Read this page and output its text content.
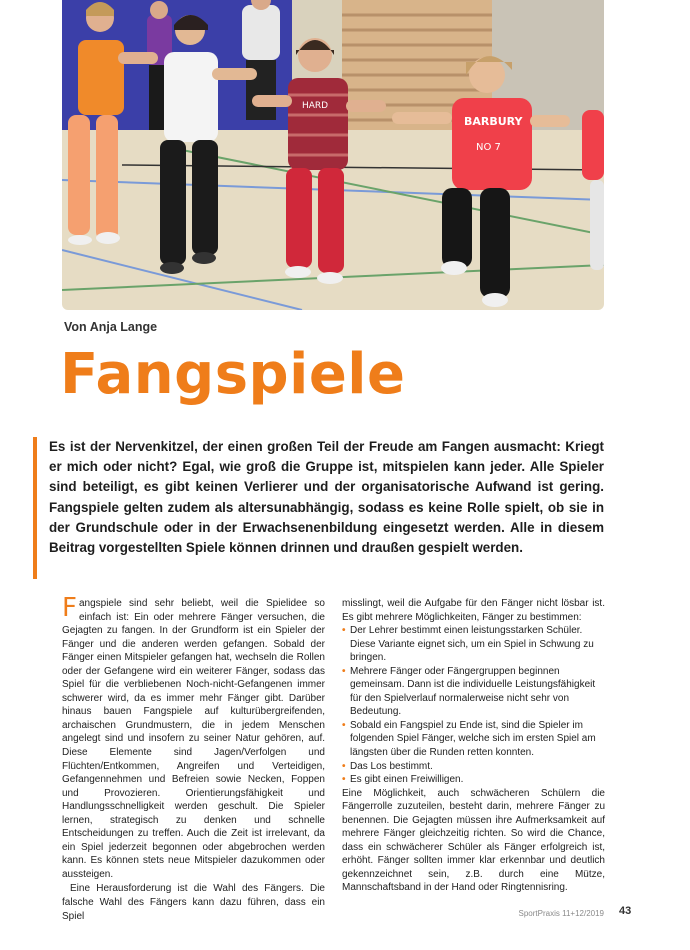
HARD
BARBURY
NO 7
Von Anja Lange
Fangspiele

Es ist der Nervenkitzel, der einen großen Teil der Freude am Fangen ausmacht: Kriegt er mich oder nicht? Egal, wie groß die Gruppe ist, mitspielen kann jeder. Alle Spieler sind beteiligt, es gibt keinen Verlierer und der organisatorische Aufwand ist gering. Fangspiele gelten zudem als altersunabhängig, sodass es keine Rolle spielt, ob sie in der Grundschule oder in der Erwachsenenbildung eingesetzt werden. Alle in diesem Beitrag vorgestellten Spiele können drinnen und draußen gespielt werden.

Fangspiele sind sehr beliebt, weil die Spielidee so einfach ist: Ein oder mehrere Fänger versuchen, die Gejagten zu fangen. In der Grundform ist ein Spieler der Fänger und die anderen werden gefangen. Sobald der Fänger einen Mitspieler gefangen hat, wechseln die Rollen oder der Gefangene wird ein weiterer Fänger, sodass das Spiel für die verbliebenen Noch-nicht-Gefangenen immer schwerer wird, da es immer mehr Fänger gibt. Darüber hinaus bauen Fangspiele auf kulturübergreifenden, archaischen Grundmustern, die in jedem Menschen angelegt sind und insofern zu seiner Natur gehören, auf. Diese Elemente sind Jagen/Verfolgen und Flüchten/Entkommen, Angreifen und Verteidigen, Gefangennehmen und Befreien sowie Necken, Foppen und Provozieren. Orientierungsfähigkeit und Handlungsschnelligkeit werden geschult. Die Spieler lernen, strategisch zu denken und schnelle Entscheidungen zu treffen. Auch die Zeit ist irrelevant, da ein Spiel jederzeit begonnen oder abgebrochen werden kann. Es können stets neue Mitspieler dazukommen oder aussteigen.

Eine Herausforderung ist die Wahl des Fängers. Die falsche Wahl des Fängers kann dazu führen, dass ein Spiel

misslingt, weil die Aufgabe für den Fänger nicht lösbar ist. Es gibt mehrere Möglichkeiten, Fänger zu bestimmen:

• Der Lehrer bestimmt einen leistungsstarken Schüler. Diese Variante eignet sich, um ein Spiel in Schwung zu bringen.
• Mehrere Fänger oder Fängergruppen beginnen gemeinsam. Dann ist die individuelle Leistungsfähigkeit für den Spielverlauf normalerweise nicht sehr von Bedeutung.
• Sobald ein Fangspiel zu Ende ist, sind die Spieler im folgenden Spiel Fänger, welche sich im ersten Spiel am längsten über die Runden retten konnten.
• Das Los bestimmt.
• Es gibt einen Freiwilligen.

Eine Möglichkeit, auch schwächeren Schülern die Fängerrolle zuzuteilen, besteht darin, mehrere Fänger zu benennen. Die Gejagten müssen ihre Aufmerksamkeit auf mehrere Fänger gleichzeitig richten. So wird die Chance, dass ein schwächerer Schüler als Fänger erfolgreich ist, erhöht. Fänger sollten immer klar erkennbar und deutlich gekennzeichnet sein, z.B. durch eine Mütze, Mannschaftsband in der Hand oder Ringtennisring.

SportPraxis 11+12/2019 43
